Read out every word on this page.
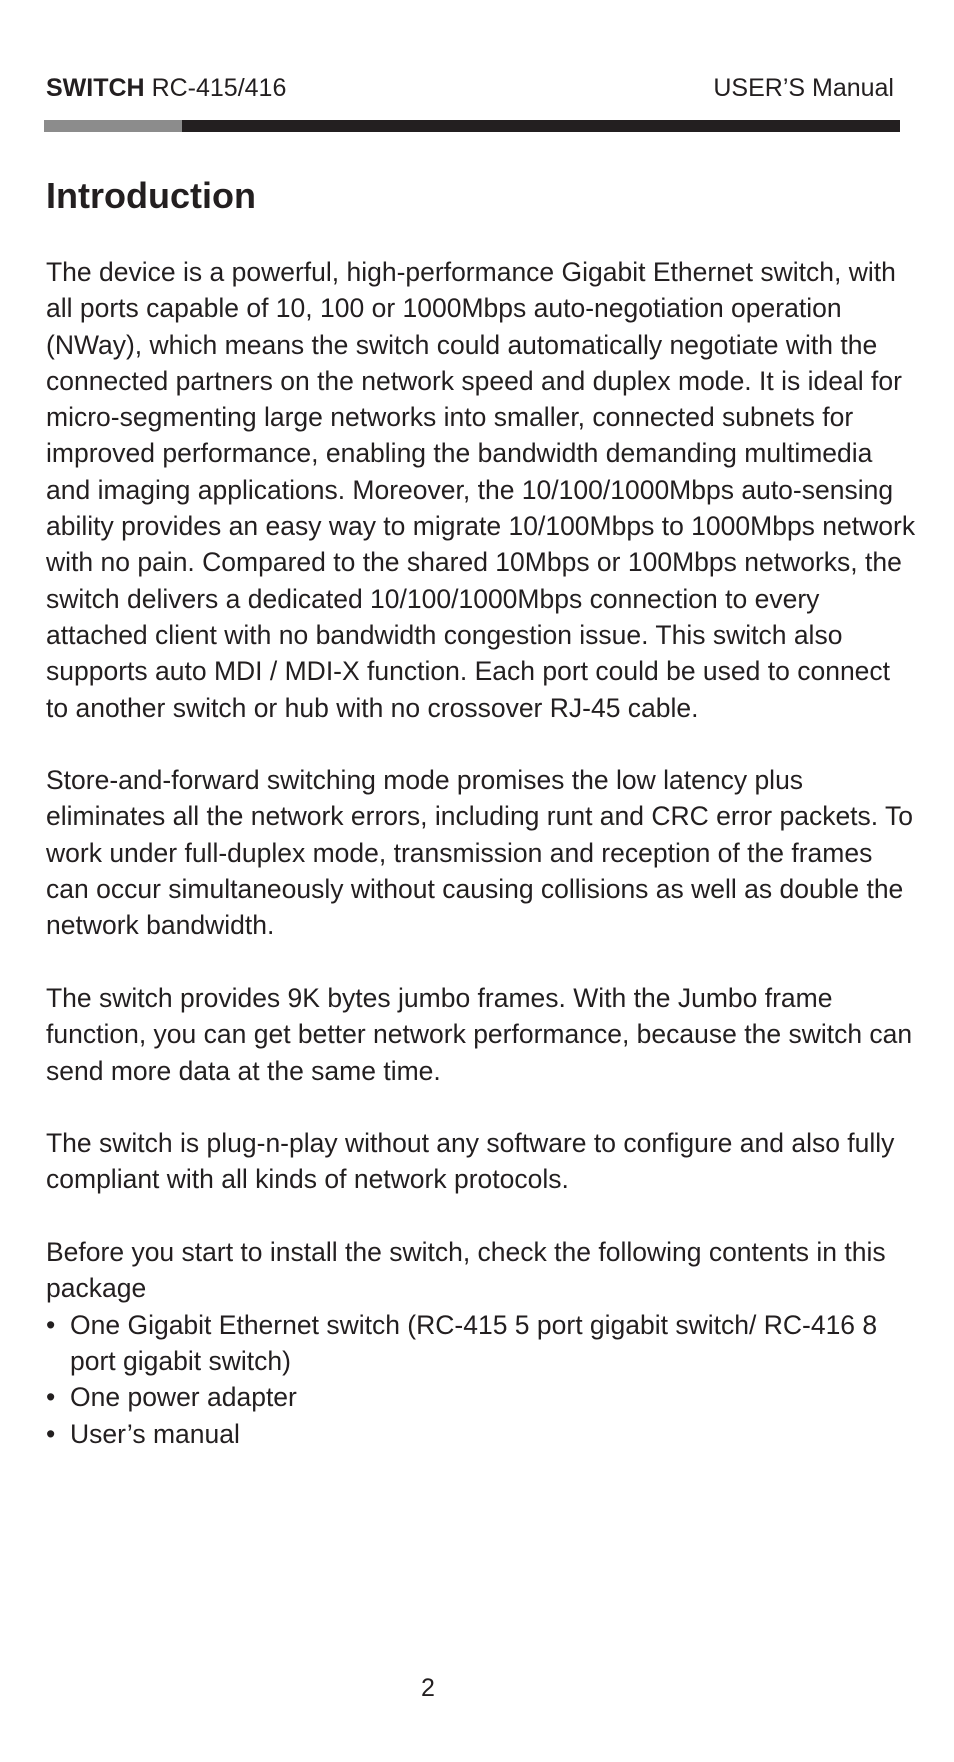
SWITCH RC-415/416	USER’S Manual
Introduction

The device is a powerful, high-performance Gigabit Ethernet switch, with all ports capable of 10, 100 or 1000Mbps auto-negotiation operation (NWay), which means the switch could automatically negotiate with the connected partners on the network speed and duplex mode. It is ideal for micro-segmenting large networks into smaller, connected subnets for improved performance, enabling the bandwidth demanding multimedia and imaging applications. Moreover, the 10/100/1000Mbps auto-sensing ability provides an easy way to migrate 10/100Mbps to 1000Mbps network with no pain. Compared to the shared 10Mbps or 100Mbps networks, the switch delivers a dedicated 10/100/1000Mbps connection to every attached client with no bandwidth congestion issue. This switch also supports auto MDI / MDI-X function. Each port could be used to connect to another switch or hub with no crossover RJ-45 cable.

Store-and-forward switching mode promises the low latency plus eliminates all the network errors, including runt and CRC error packets. To work under full-duplex mode, transmission and reception of the frames can occur simultaneously without causing collisions as well as double the network bandwidth.

The switch provides 9K bytes jumbo frames. With the Jumbo frame function, you can get better network performance, because the switch can send more data at the same time.

The switch is plug-n-play without any software to configure and also fully compliant with all kinds of network protocols.

Before you start to install the switch, check the following contents in this package

• One Gigabit Ethernet switch (RC-415 5 port gigabit switch/ RC-416 8 port gigabit switch)
• One power adapter
• User’s manual
2
